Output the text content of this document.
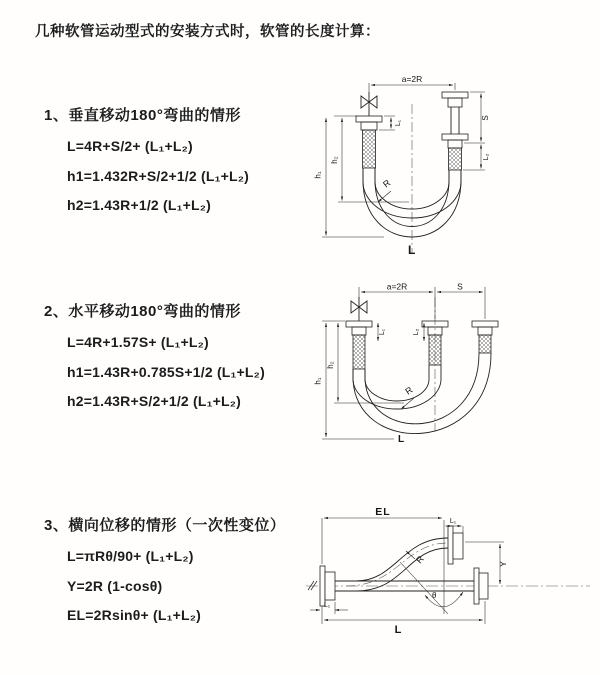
几种软管运动型式的安装方式时，软管的长度计算：
1、垂直移动180°弯曲的情形
L=4R+S/2+ (L₁+L₂)
h1=1.432R+S/2+1/2 (L₁+L₂)
h2=1.43R+1/2 (L₁+L₂)
a=2R
h₁
h₂
L₁
S
L₂
R
L
2、水平移动180°弯曲的情形
L=4R+1.57S+ (L₁+L₂)
h1=1.43R+0.785S+1/2 (L₁+L₂)
h2=1.43R+S/2+1/2 (L₁+L₂)
a=2R	S
h₁
h₂
L₁	L₂
R
L
3、横向位移的情形（一次性变位）
L=πRθ/90+ (L₁+L₂)
Y=2R (1-cosθ)
EL=2Rsinθ+ (L₁+L₂)
EL
L₁
Y
R
θ
L
L₁
